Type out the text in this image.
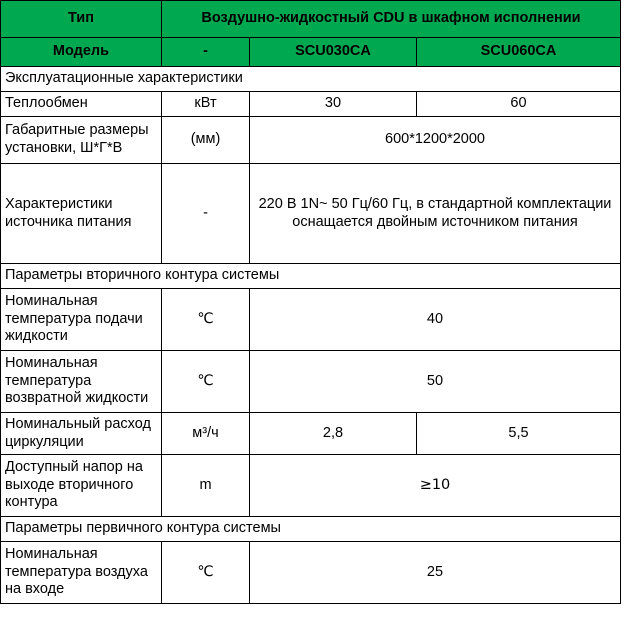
Тип	Воздушно-жидкостный CDU в шкафном исполнении		
Модель	-	SCU030CA	SCU060CA
Эксплуатационные характеристики			
Теплообмен	кВт	30	60
Габаритные размеры установки, Ш*Г*В	(мм)	600*1200*2000	
Характеристики источника питания	-	220 В 1N~ 50 Гц/60 Гц, в стандартной комплектации оснащается двойным источником питания	
Параметры вторичного контура системы			
Номинальная температура подачи жидкости	℃	40	
Номинальная температура возвратной жидкости	℃	50	
Номинальный расход циркуляции	м³/ч	2,8	5,5
Доступный напор на выходе вторичного контура	m	≥10	
Параметры первичного контура системы			
Номинальная температура воздуха на входе	℃	25	
